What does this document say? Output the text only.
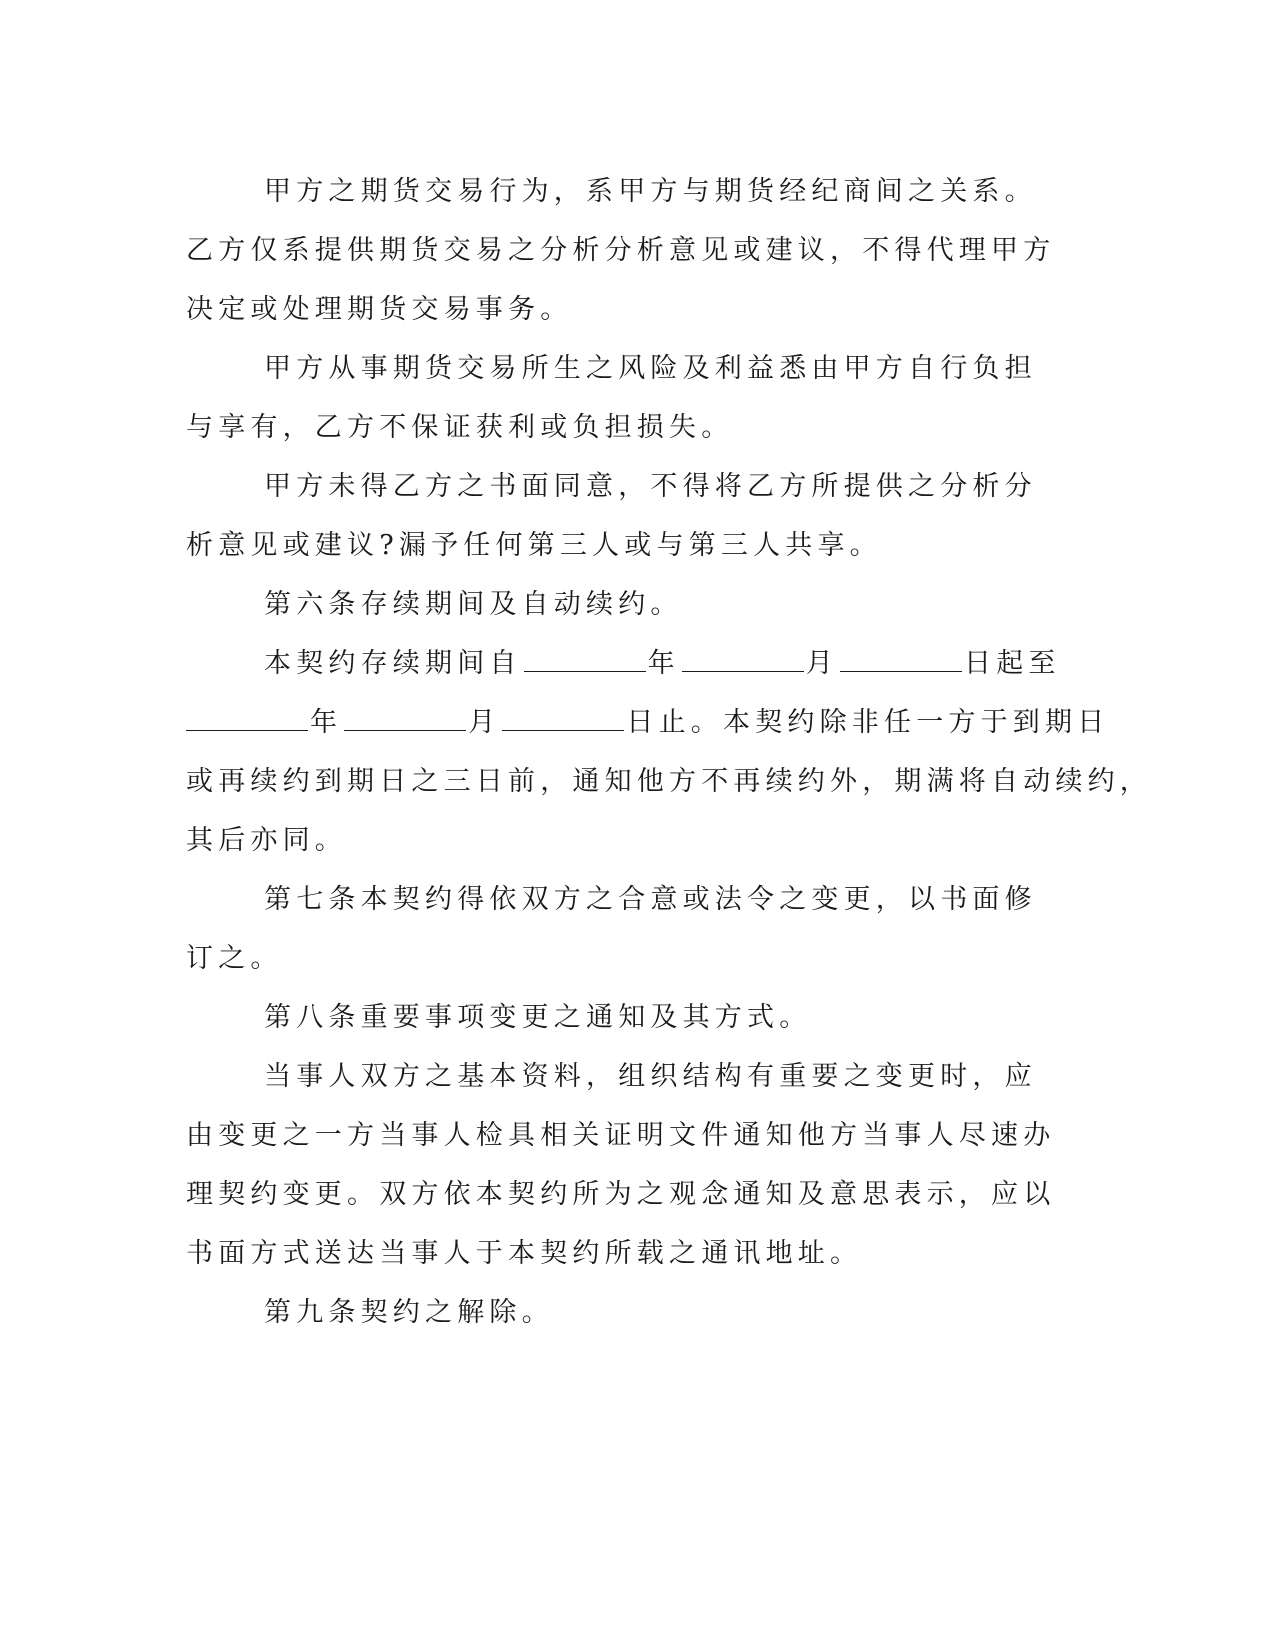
甲方之期货交易行为，系甲方与期货经纪商间之关系。乙方仅系提供期货交易之分析分析意见或建议，不得代理甲方决定或处理期货交易事务。

甲方从事期货交易所生之风险及利益悉由甲方自行负担与享有，乙方不保证获利或负担损失。

甲方未得乙方之书面同意，不得将乙方所提供之分析分析意见或建议?漏予任何第三人或与第三人共享。

第六条存续期间及自动续约。

本契约存续期间自	年	月	日起至
年	月	日止。本契约除非任一方于到期日
或再续约到期日之三日前，通知他方不再续约外，期满将自动续约，
其后亦同。

第七条本契约得依双方之合意或法令之变更，以书面修订之。

第八条重要事项变更之通知及其方式。

当事人双方之基本资料，组织结构有重要之变更时，应由变更之一方当事人检具相关证明文件通知他方当事人尽速办理契约变更。双方依本契约所为之观念通知及意思表示，应以书面方式送达当事人于本契约所载之通讯地址。

第九条契约之解除。
